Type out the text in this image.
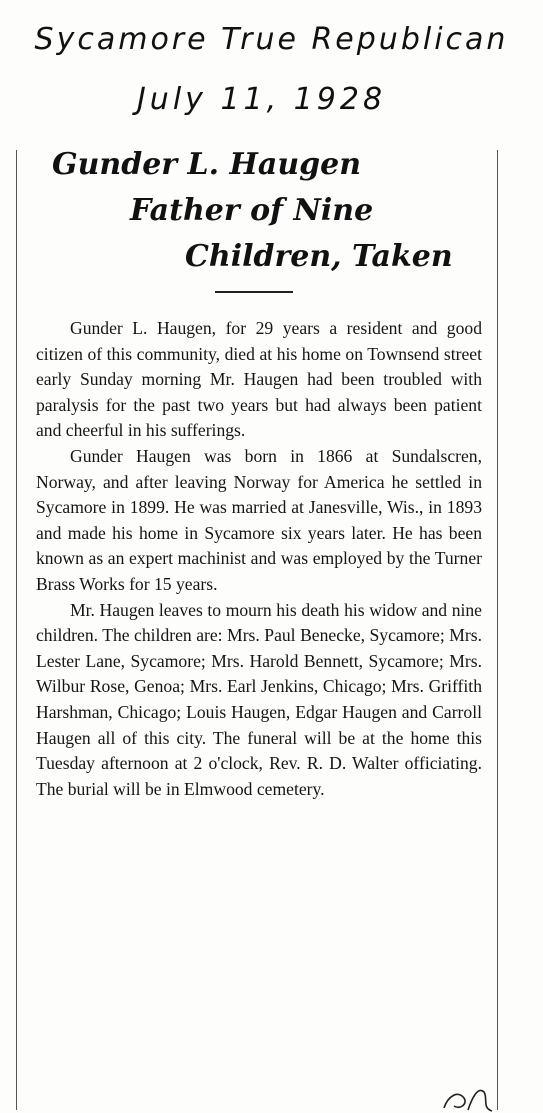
Sycamore True Republican
July 11, 1928
Gunder L. Haugen
Father of Nine
Children, Taken

Gunder L. Haugen, for 29 years a resident and good citizen of this community, died at his home on Townsend street early Sunday morning Mr. Haugen had been troubled with paralysis for the past two years but had always been patient and cheerful in his sufferings.

Gunder Haugen was born in 1866 at Sundalscren, Norway, and after leaving Norway for America he settled in Sycamore in 1899. He was married at Janesville, Wis., in 1893 and made his home in Sycamore six years later. He has been known as an expert machinist and was employed by the Turner Brass Works for 15 years.

Mr. Haugen leaves to mourn his death his widow and nine children. The children are: Mrs. Paul Benecke, Sycamore; Mrs. Lester Lane, Sycamore; Mrs. Harold Bennett, Sycamore; Mrs. Wilbur Rose, Genoa; Mrs. Earl Jenkins, Chicago; Mrs. Griffith Harshman, Chicago; Louis Haugen, Edgar Haugen and Carroll Haugen all of this city. The funeral will be at the home this Tuesday afternoon at 2 o'clock, Rev. R. D. Walter officiating. The burial will be in Elmwood cemetery.
